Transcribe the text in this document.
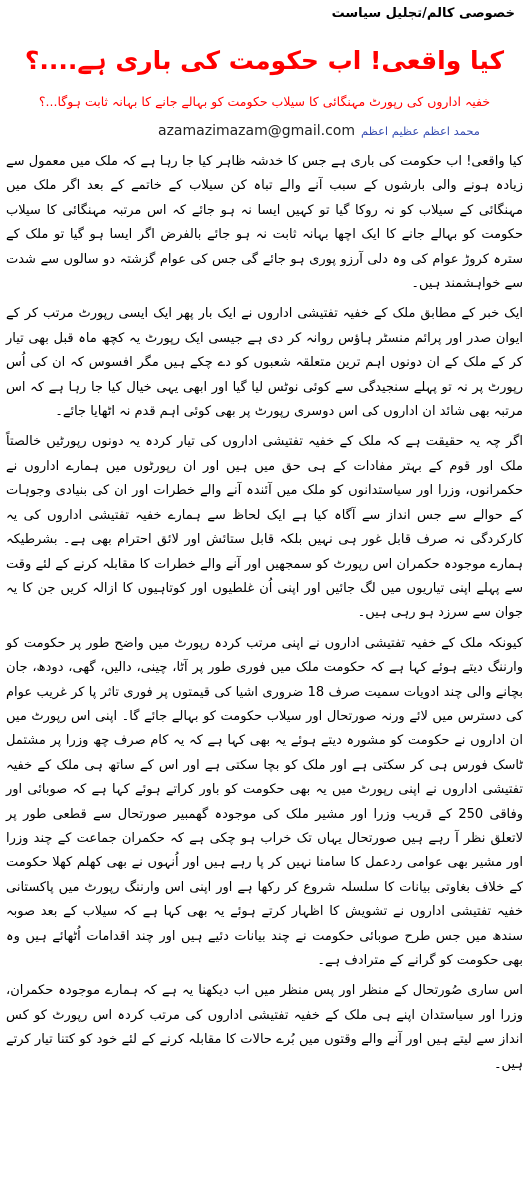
خصوصی کالم/تجلیل سیاست
کیا واقعی! اب حکومت کی باری ہے....؟
خفیہ اداروں کی رپورٹ مہنگائی کا سیلاب حکومت کو بہالے جانے کا بہانہ ثابت ہوگا...؟
azamazimazam@gmail.com محمد اعظم عظیم اعظم

کیا واقعی! اب حکومت کی باری ہے جس کا خدشہ ظاہر کیا جا رہا ہے کہ ملک میں معمول سے زیادہ ہونے والی بارشوں کے سبب آنے والے تباہ کن سیلاب کے خاتمے کے بعد اگر ملک میں مہنگائی کے سیلاب کو نہ روکا گیا تو کہیں ایسا نہ ہو جائے کہ اس مرتبہ مہنگائی کا سیلاب حکومت کو بہالے جانے کا ایک اچھا بہانہ ثابت نہ ہو جائے بالفرض اگر ایسا ہو گیا تو ملک کے سترہ کروڑ عوام کی وہ دلی آرزو پوری ہو جائے گی جس کی عوام گزشتہ دو سالوں سے شدت سے خواہشمند ہیں۔

ایک خبر کے مطابق ملک کے خفیہ تفتیشی اداروں نے ایک بار پھر ایک ایسی رپورٹ مرتب کر کے ایوان صدر اور پرائم منسٹر ہاؤس روانہ کر دی ہے جیسی ایک رپورٹ یہ کچھ ماہ قبل بھی تیار کر کے ملک کے ان دونوں اہم ترین متعلقہ شعبوں کو دے چکے ہیں مگر افسوس کہ ان کی اُس رپورٹ پر نہ تو پہلے سنجیدگی سے کوئی نوٹس لیا گیا اور ابھی یہی خیال کیا جا رہا ہے کہ اس مرتبہ بھی شائد ان اداروں کی اس دوسری رپورٹ پر بھی کوئی اہم قدم نہ اٹھایا جائے۔

اگر چہ یہ حقیقت ہے کہ ملک کے خفیہ تفتیشی اداروں کی تیار کردہ یہ دونوں رپورٹیں خالصتاً ملک اور قوم کے بہتر مفادات کے ہی حق میں ہیں اور ان رپورٹوں میں ہمارے اداروں نے حکمرانوں، وزرا اور سیاستدانوں کو ملک میں آئندہ آنے والے خطرات اور ان کی بنیادی وجوہات کے حوالے سے جس انداز سے آگاہ کیا ہے ایک لحاظ سے ہمارے خفیہ تفتیشی اداروں کی یہ کارکردگی نہ صرف قابل غور ہی نہیں بلکہ قابل ستائش اور لائق احترام بھی ہے۔ بشرطیکہ ہمارے موجودہ حکمران اس رپورٹ کو سمجھیں اور آنے والے خطرات کا مقابلہ کرنے کے لئے وقت سے پہلے اپنی تیاریوں میں لگ جائیں اور اپنی اُن غلطیوں اور کوتاہیوں کا ازالہ کریں جن کا یہ جوان سے سرزد ہو رہی ہیں۔

کیونکہ ملک کے خفیہ تفتیشی اداروں نے اپنی مرتب کردہ رپورٹ میں واضح طور پر حکومت کو وارننگ دیتے ہوئے کہا ہے کہ حکومت ملک میں فوری طور پر آٹا، چینی، دالیں، گھی، دودھ، جان بچانے والی چند ادویات سمیت صرف 18 ضروری اشیا کی قیمتوں پر فوری تاثر پا کر غریب عوام کی دسترس میں لائے ورنہ صورتحال اور سیلاب حکومت کو بہالے جائے گا۔ اپنی اس رپورٹ میں ان اداروں نے حکومت کو مشورہ دیتے ہوئے یہ بھی کہا ہے کہ یہ کام صرف چھ وزرا پر مشتمل ٹاسک فورس ہی کر سکتی ہے اور ملک کو بچا سکتی ہے اور اس کے ساتھ ہی ملک کے خفیہ تفتیشی اداروں نے اپنی رپورٹ میں یہ بھی حکومت کو باور کراتے ہوئے کہا ہے کہ صوبائی اور وفاقی 250 کے قریب وزرا اور مشیر ملک کی موجودہ گھمبیر صورتحال سے قطعی طور پر لاتعلق نظر آ رہے ہیں صورتحال یہاں تک خراب ہو چکی ہے کہ حکمران جماعت کے چند وزرا اور مشیر بھی عوامی ردعمل کا سامنا نہیں کر پا رہے ہیں اور اُنہوں نے بھی کھلم کھلا حکومت کے خلاف بغاوتی بیانات کا سلسلہ شروع کر رکھا ہے اور اپنی اس وارننگ رپورٹ میں پاکستانی خفیہ تفتیشی اداروں نے تشویش کا اظہار کرتے ہوئے یہ بھی کہا ہے کہ سیلاب کے بعد صوبہ سندھ میں جس طرح صوبائی حکومت نے چند بیانات دئیے ہیں اور چند اقدامات اُٹھائے ہیں وہ بھی حکومت کو گرانے کے مترادف ہے۔

اس ساری صُورتحال کے منظر اور پس منظر میں اب دیکھنا یہ ہے کہ ہمارے موجودہ حکمران، وزرا اور سیاستدان اپنے ہی ملک کے خفیہ تفتیشی اداروں کی مرتب کردہ اس رپورٹ کو کس انداز سے لیتے ہیں اور آنے والے وقتوں میں بُرے حالات کا مقابلہ کرنے کے لئے خود کو کتنا تیار کرتے ہیں۔
